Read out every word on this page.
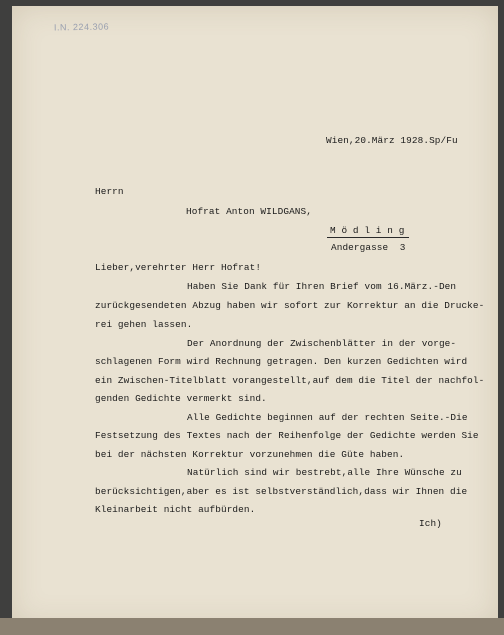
I.N. 224.306
Wien,20.März 1928.Sp/Fu
Herrn
Hofrat Anton WILDGANS,
M ö d l i n g
Andergasse  3
Lieber,verehrter Herr Hofrat!
Haben Sie Dank für Ihren Brief vom 16.März.-Den
zurückgesendeten Abzug haben wir sofort zur Korrektur an die Drucke-
rei gehen lassen.
Der Anordnung der Zwischenblätter in der vorge-
schlagenen Form wird Rechnung getragen. Den kurzen Gedichten wird
ein Zwischen-Titelblatt vorangestellt,auf dem die Titel der nachfol-
genden Gedichte vermerkt sind.
Alle Gedichte beginnen auf der rechten Seite.-Die
Festsetzung des Textes nach der Reihenfolge der Gedichte werden Sie
bei der nächsten Korrektur vorzunehmen die Güte haben.
Natürlich sind wir bestrebt,alle Ihre Wünsche zu
berücksichtigen,aber es ist selbstverständlich,dass wir Ihnen die
Kleinarbeit nicht aufbürden.
Ich)
